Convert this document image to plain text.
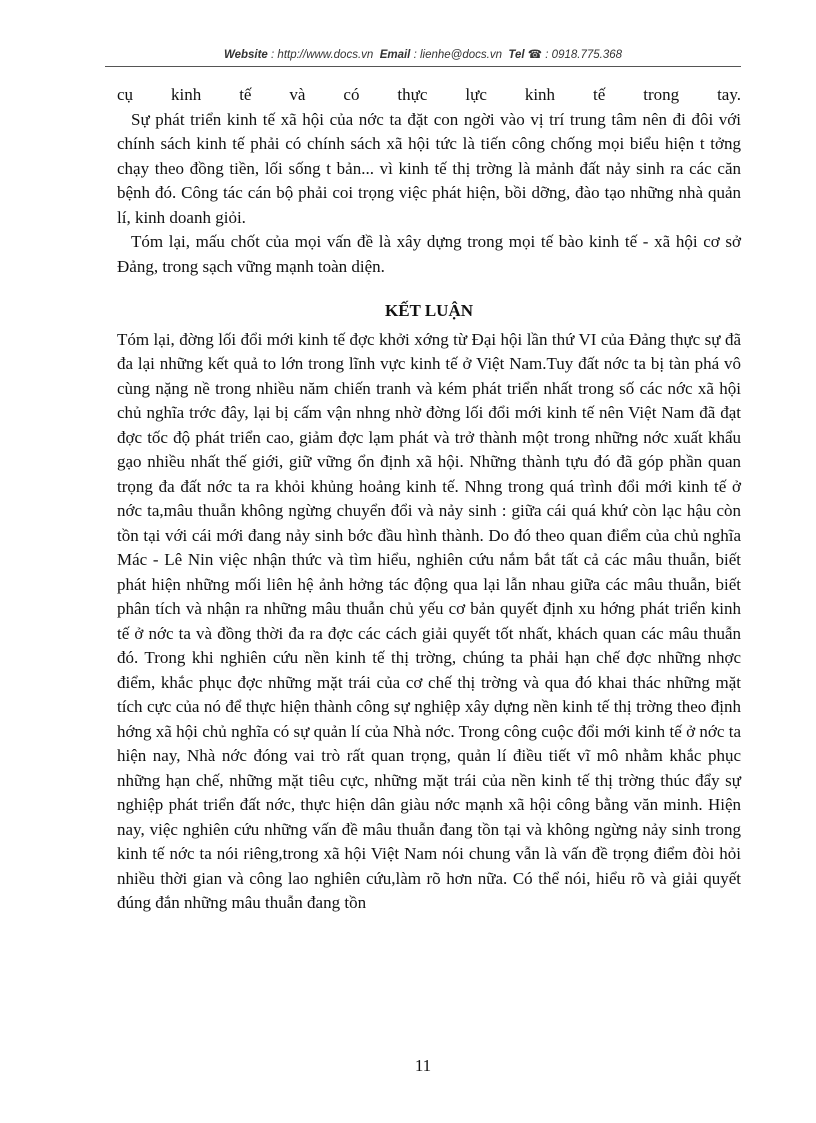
Website : http://www.docs.vn Email : lienhe@docs.vn Tel ☎ : 0918.775.368

cụ kinh tế và có thực lực kinh tế trong tay.

Sự phát triển kinh tế xã hội của nớc ta đặt con ngời vào vị trí trung tâm nên đi đôi với chính sách kinh tế phải có chính sách xã hội tức là tiến công chống mọi biểu hiện t tởng chạy theo đồng tiền, lối sống t bản... vì kinh tế thị trờng là mảnh đất nảy sinh ra các căn bệnh đó. Công tác cán bộ phải coi trọng việc phát hiện, bồi dỡng, đào tạo những nhà quản lí, kinh doanh giỏi.

Tóm lại, mấu chốt của mọi vấn đề là xây dựng trong mọi tế bào kinh tế - xã hội cơ sở Đảng, trong sạch vững mạnh toàn diện.

KẾT LUẬN

Tóm lại, đờng lối đổi mới kinh tế đợc khởi xớng từ Đại hội lần thứ VI của Đảng thực sự đã đa lại những kết quả to lớn trong lĩnh vực kinh tế ở Việt Nam.Tuy đất nớc ta bị tàn phá vô cùng nặng nề trong nhiều năm chiến tranh và kém phát triển nhất trong số các nớc xã hội chủ nghĩa trớc đây, lại bị cấm vận nhng nhờ đờng lối đổi mới kinh tế nên Việt Nam đã đạt đợc tốc độ phát triển cao, giảm đợc lạm phát và trở thành một trong những nớc xuất khẩu gạo nhiều nhất thế giới, giữ vững ổn định xã hội. Những thành tựu đó đã góp phần quan trọng đa đất nớc ta ra khỏi khủng hoảng kinh tế. Nhng trong quá trình đổi mới kinh tế ở nớc ta,mâu thuẫn không ngừng chuyển đổi và nảy sinh : giữa cái quá khứ còn lạc hậu còn tồn tại với cái mới đang nảy sinh bớc đầu hình thành. Do đó theo quan điểm của chủ nghĩa Mác - Lê Nin việc nhận thức và tìm hiểu, nghiên cứu nắm bắt tất cả các mâu thuẫn, biết phát hiện những mối liên hệ ảnh hởng tác động qua lại lẫn nhau giữa các mâu thuẫn, biết phân tích và nhận ra những mâu thuẫn chủ yếu cơ bản quyết định xu hớng phát triển kinh tế ở nớc ta và đồng thời đa ra đợc các cách giải quyết tốt nhất, khách quan các mâu thuẫn đó. Trong khi nghiên cứu nền kinh tế thị trờng, chúng ta phải hạn chế đợc những nhợc điểm, khắc phục đợc những mặt trái của cơ chế thị trờng và qua đó khai thác những mặt tích cực của nó để thực hiện thành công sự nghiệp xây dựng nền kinh tế thị trờng theo định hớng xã hội chủ nghĩa có sự quản lí của Nhà nớc. Trong công cuộc đổi mới kinh tế ở nớc ta hiện nay, Nhà nớc đóng vai trò rất quan trọng, quản lí điều tiết vĩ mô nhằm khắc phục những hạn chế, những mặt tiêu cực, những mặt trái của nền kinh tế thị trờng thúc đẩy sự nghiệp phát triển đất nớc, thực hiện dân giàu nớc mạnh xã hội công bằng văn minh. Hiện nay, việc nghiên cứu những vấn đề mâu thuẫn đang tồn tại và không ngừng nảy sinh trong kinh tế nớc ta nói riêng,trong xã hội Việt Nam nói chung vẫn là vấn đề trọng điểm đòi hỏi nhiều thời gian và công lao nghiên cứu,làm rõ hơn nữa. Có thể nói, hiểu rõ và giải quyết đúng đắn những mâu thuẫn đang tồn

11
